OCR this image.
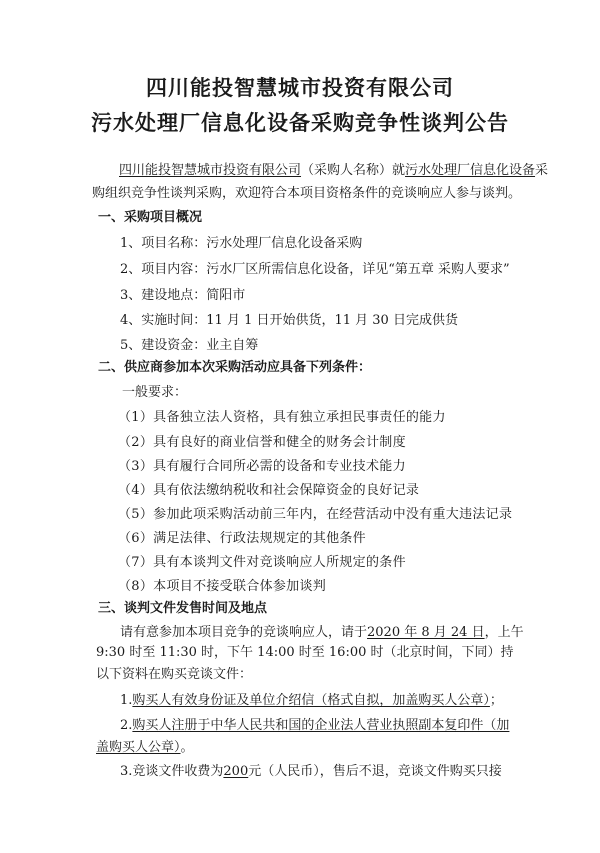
四川能投智慧城市投资有限公司
污水处理厂信息化设备采购竞争性谈判公告
四川能投智慧城市投资有限公司（采购人名称）就污水处理厂信息化设备采
购组织竞争性谈判采购，欢迎符合本项目资格条件的竞谈响应人参与谈判。
一、采购项目概况
1、项目名称：污水处理厂信息化设备采购
2、项目内容：污水厂区所需信息化设备，详见“第五章 采购人要求”
3、建设地点：简阳市
4、实施时间：11 月 1 日开始供货，11 月 30 日完成供货
5、建设资金：业主自筹
二、供应商参加本次采购活动应具备下列条件：
一般要求：
（1）具备独立法人资格，具有独立承担民事责任的能力
（2）具有良好的商业信誉和健全的财务会计制度
（3）具有履行合同所必需的设备和专业技术能力
（4）具有依法缴纳税收和社会保障资金的良好记录
（5）参加此项采购活动前三年内，在经营活动中没有重大违法记录
（6）满足法律、行政法规规定的其他条件
（7）具有本谈判文件对竞谈响应人所规定的条件
（8）本项目不接受联合体参加谈判
三、谈判文件发售时间及地点
请有意参加本项目竞争的竞谈响应人，请于2020 年 8 月 24 日，上午
9:30 时至 11:30 时，下午 14:00 时至 16:00 时（北京时间，下同）持
以下资料在购买竞谈文件：
1.购买人有效身份证及单位介绍信（格式自拟，加盖购买人公章）；
2.购买人注册于中华人民共和国的企业法人营业执照副本复印件（加
盖购买人公章）。
3.竞谈文件收费为200元（人民币），售后不退，竞谈文件购买只接
